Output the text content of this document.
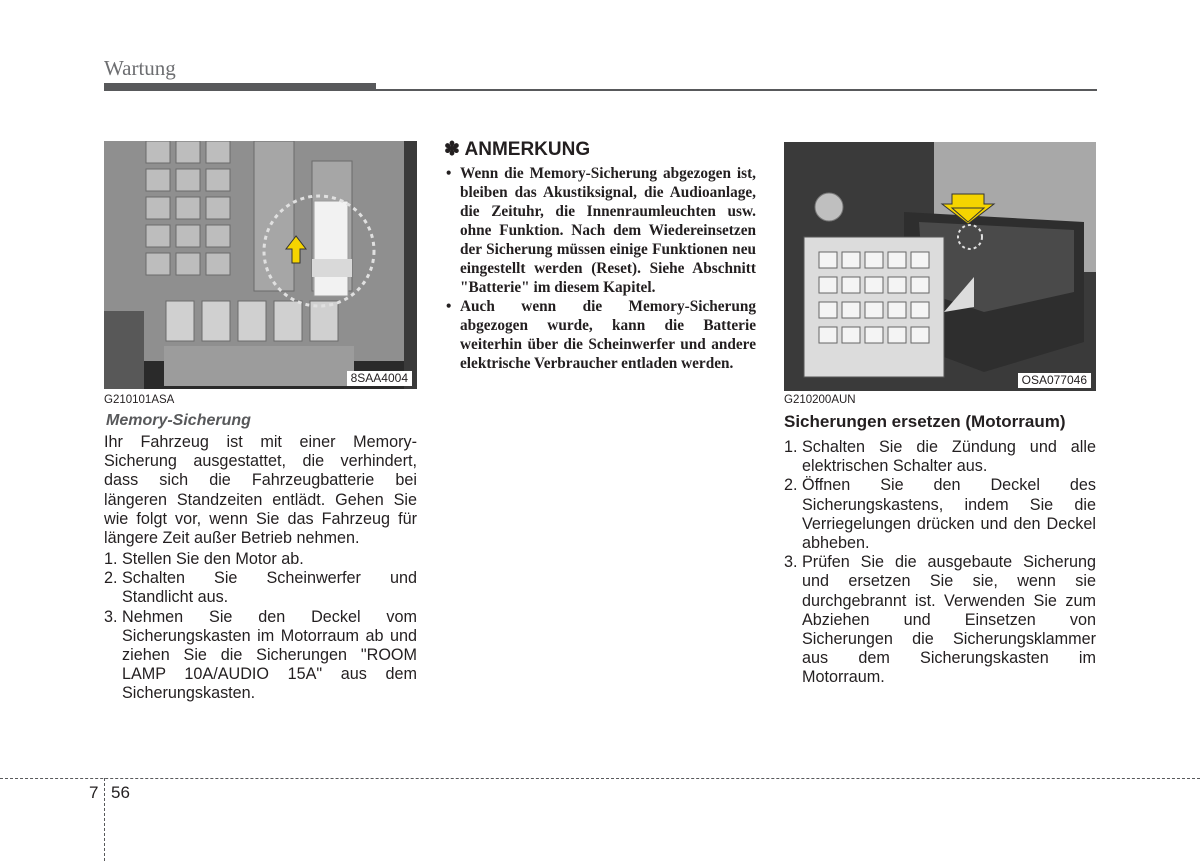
Wartung
8SAA4004
G210101ASA
Memory-Sicherung
Ihr Fahrzeug ist mit einer Memory-Sicherung ausgestattet, die verhindert, dass sich die Fahrzeugbatterie bei längeren Standzeiten entlädt. Gehen Sie wie folgt vor, wenn Sie das Fahrzeug für längere Zeit außer Betrieb nehmen.
1. Stellen Sie den Motor ab.
2. Schalten Sie Scheinwerfer und Standlicht aus.
3. Nehmen Sie den Deckel vom Sicherungskasten im Motorraum ab und ziehen Sie die Sicherungen "ROOM LAMP 10A/AUDIO 15A" aus dem Sicherungskasten.
✽ ANMERKUNG
• Wenn die Memory-Sicherung abgezogen ist, bleiben das Akustiksignal, die Audioanlage, die Zeituhr, die Innenraumleuchten usw. ohne Funktion. Nach dem Wiedereinsetzen der Sicherung müssen einige Funktionen neu eingestellt werden (Reset). Siehe Abschnitt "Batterie" im diesem Kapitel.
• Auch wenn die Memory-Sicherung abgezogen wurde, kann die Batterie weiterhin über die Scheinwerfer und andere elektrische Verbraucher entladen werden.
OSA077046
G210200AUN
Sicherungen ersetzen (Motorraum)
1. Schalten Sie die Zündung und alle elektrischen Schalter aus.
2. Öffnen Sie den Deckel des Sicherungskastens, indem Sie die Verriegelungen drücken und den Deckel abheben.
3. Prüfen Sie die ausgebaute Sicherung und ersetzen Sie sie, wenn sie durchgebrannt ist. Verwenden Sie zum Abziehen und Einsetzen von Sicherungen die Sicherungsklammer aus dem Sicherungskasten im Motorraum.
7 56
